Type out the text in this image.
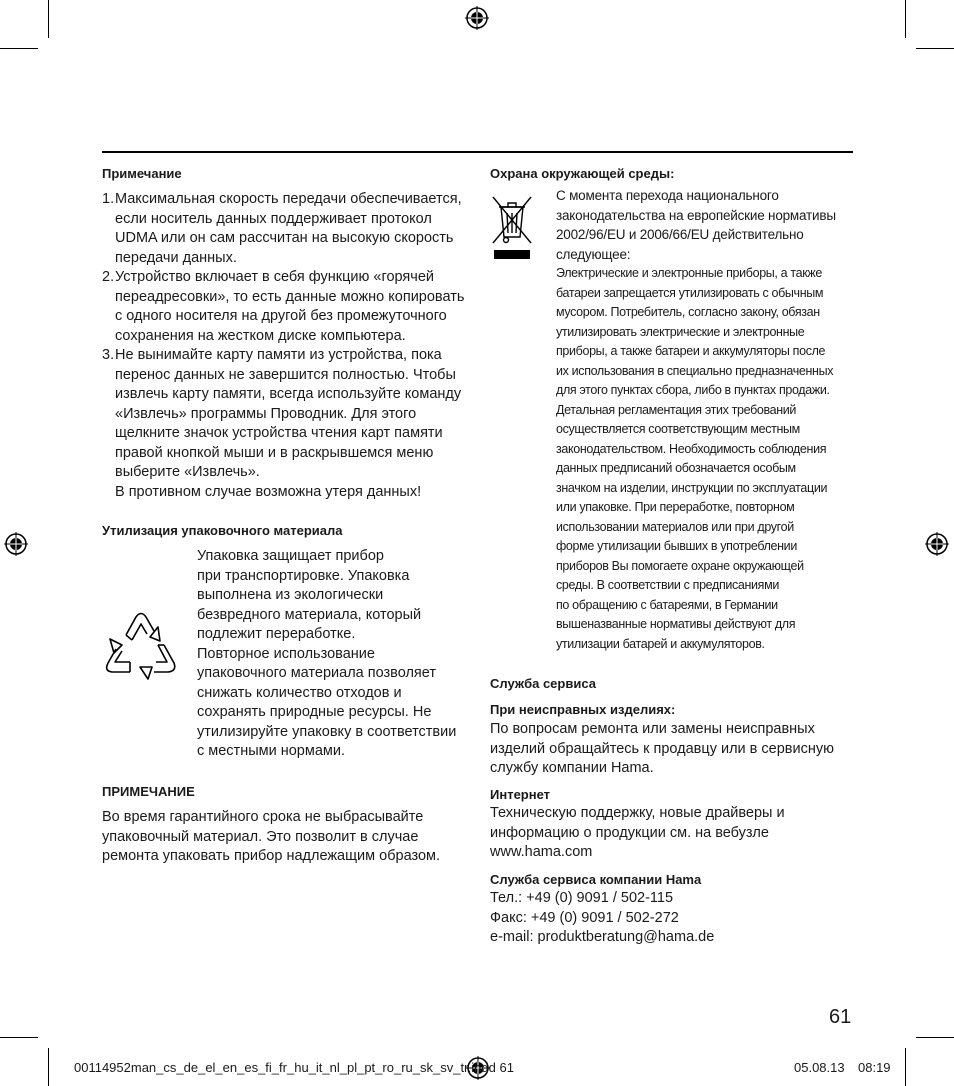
Примечание
1. Максимальная скорость передачи обеспечивается,
если носитель данных поддерживает протокол
UDMA или он сам рассчитан на высокую скорость
передачи данных.
2. Устройство включает в себя функцию «горячей
переадресовки», то есть данные можно копировать
с одного носителя на другой без промежуточного
сохранения на жестком диске компьютера.
3. Не вынимайте карту памяти из устройства, пока
перенос данных не завершится полностью. Чтобы
извлечь карту памяти, всегда используйте команду
«Извлечь» программы Проводник. Для этого
щелкните значок устройства чтения карт памяти
правой кнопкой мыши и в раскрывшемся меню
выберите «Извлечь».
В противном случае возможна утеря данных!
Утилизация упаковочного материала
Упаковка защищает прибор
при транспортировке. Упаковка
выполнена из экологически
безвредного материала, который
подлежит переработке.
Повторное использование
упаковочного материала позволяет
снижать количество отходов и
сохранять природные ресурсы. Не
утилизируйте упаковку в соответствии
с местными нормами.
ПРИМЕЧАНИЕ
Во время гарантийного срока не выбрасывайте
упаковочный материал. Это позволит в случае
ремонта упаковать прибор надлежащим образом.
Охрана окружающей среды:
С момента перехода национального
законодательства на европейские нормативы
2002/96/EU и 2006/66/EU действительно
следующее:
Электрические и электронные приборы, а также
батареи запрещается утилизировать с обычным
мусором. Потребитель, согласно закону, обязан
утилизировать электрические и электронные
приборы, а также батареи и аккумуляторы после
их использования в специально предназначенных
для этого пунктах сбора, либо в пунктах продажи.
Детальная регламентация этих требований
осуществляется соответствующим местным
законодательством. Необходимость соблюдения
данных предписаний обозначается особым
значком на изделии, инструкции по эксплуатации
или упаковке. При переработке, повторном
использовании материалов или при другой
форме утилизации бывших в употреблении
приборов Вы помогаете охране окружающей
среды. В соответствии с предписаниями
по обращению с батареями, в Германии
вышеназванные нормативы действуют для
утилизации батарей и аккумуляторов.
Служба сервиса
При неисправных изделиях:
По вопросам ремонта или замены неисправных
изделий обращайтесь к продавцу или в сервисную
службу компании Hama.
Интернет
Техническую поддержку, новые драйверы и
информацию о продукции см. на вебузле
www.hama.com
Служба сервиса компании Hama
Тел.: +49 (0) 9091 / 502-115
Факс: +49 (0) 9091 / 502-272
e-mail: produktberatung@hama.de
61
00114952man_cs_de_el_en_es_fi_fr_hu_it_nl_pl_pt_ro_ru_sk_sv_tr.indd 61	05.08.13 08:19
